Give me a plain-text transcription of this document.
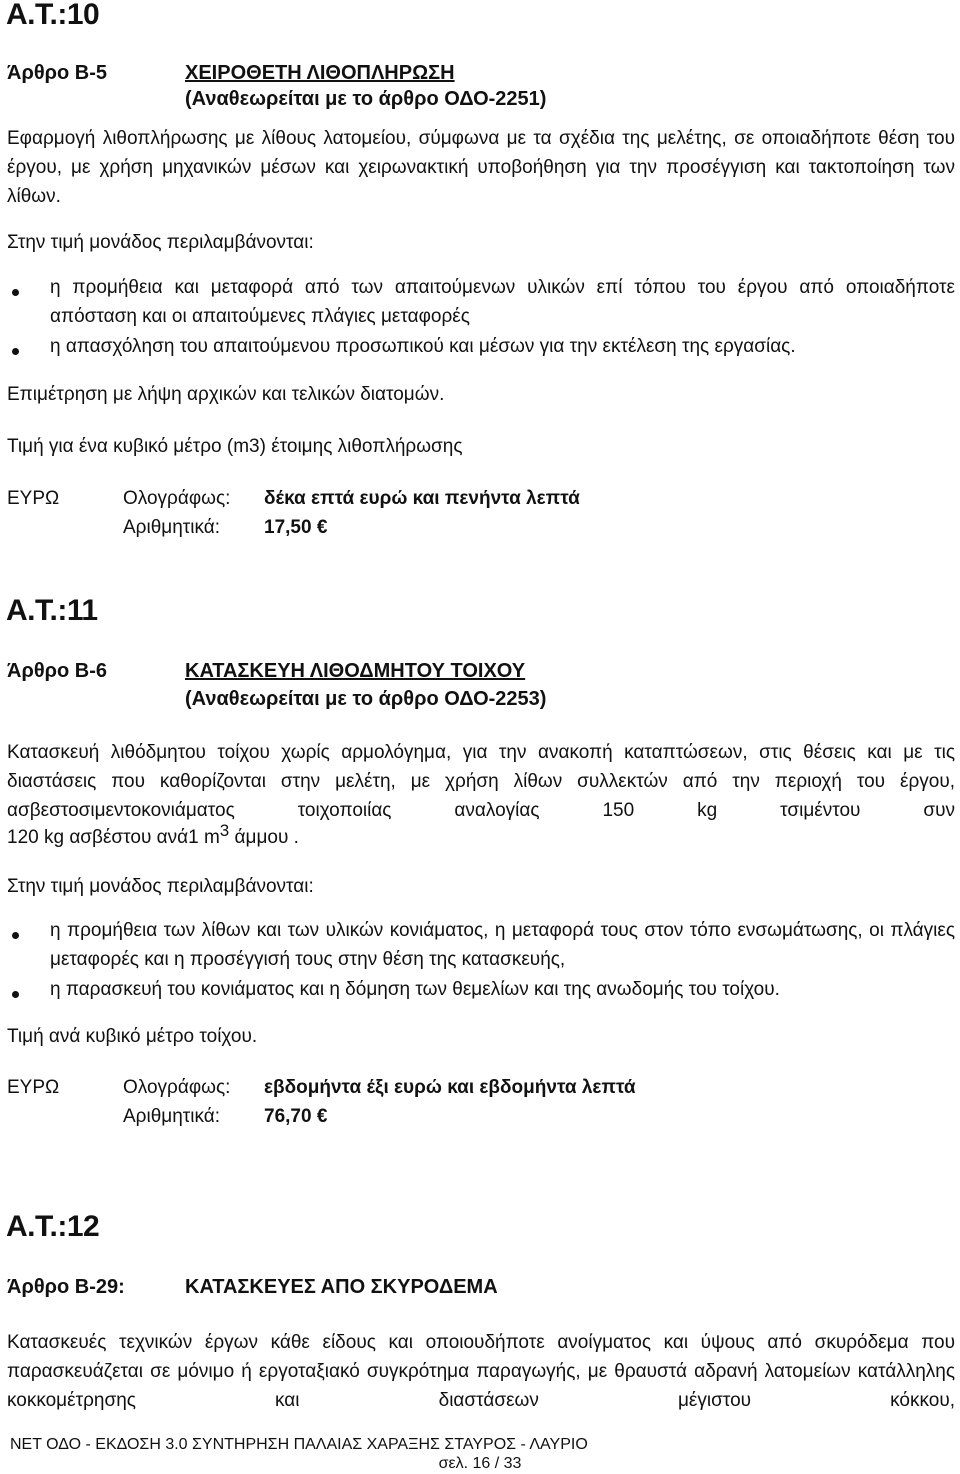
Α.Τ.:10
Άρθρο Β-5	ΧΕΙΡΟΘΕΤΗ ΛΙΘΟΠΛΗΡΩΣΗ
(Αναθεωρείται με το άρθρο ΟΔΟ-2251)
Εφαρμογή λιθοπλήρωσης με λίθους λατομείου, σύμφωνα με τα σχέδια της μελέτης, σε οποιαδήποτε θέση του έργου, με χρήση μηχανικών μέσων και χειρωνακτική υποβοήθηση για την προσέγγιση και τακτοποίηση των λίθων.
Στην τιμή μονάδος περιλαμβάνονται:
η προμήθεια και μεταφορά από των απαιτούμενων υλικών επί τόπου του έργου από οποιαδήποτε απόσταση και οι απαιτούμενες πλάγιες μεταφορές
η απασχόληση του απαιτούμενου προσωπικού και μέσων για την εκτέλεση της εργασίας.
Επιμέτρηση με λήψη αρχικών και τελικών διατομών.
Τιμή για ένα κυβικό μέτρο (m3) έτοιμης λιθοπλήρωσης
ΕΥΡΩ	Ολογράφως: δέκα επτά ευρώ και πενήντα λεπτά
Αριθμητικά: 17,50 €
Α.Τ.:11
Άρθρο Β-6	ΚΑΤΑΣΚΕΥΗ ΛΙΘΟΔΜΗΤΟΥ ΤΟΙΧΟΥ
(Αναθεωρείται με το άρθρο ΟΔΟ-2253)
Κατασκευή λιθόδμητου τοίχου χωρίς αρμολόγημα, για την ανακοπή καταπτώσεων, στις θέσεις και με τις διαστάσεις που καθορίζονται στην μελέτη, με χρήση λίθων συλλεκτών από την περιοχή του έργου, ασβεστοσιμεντοκονιάματος τοιχοποιίας αναλογίας 150 kg τσιμέντου συν
120 kg ασβέστου ανά1 $m^3$ άμμου .
Στην τιμή μονάδος περιλαμβάνονται:
η προμήθεια των λίθων και των υλικών κονιάματος, η μεταφορά τους στον τόπο ενσωμάτωσης, οι πλάγιες μεταφορές και η προσέγγισή τους στην θέση της κατασκευής,
η παρασκευή του κονιάματος και η δόμηση των θεμελίων και της ανωδομής του τοίχου.
Τιμή ανά κυβικό μέτρο τοίχου.
ΕΥΡΩ	Ολογράφως: εβδομήντα έξι ευρώ και εβδομήντα λεπτά
Αριθμητικά: 76,70 €
Α.Τ.:12
Άρθρο Β-29:	ΚΑΤΑΣΚΕΥΕΣ ΑΠΟ ΣΚΥΡΟΔΕΜΑ
Κατασκευές τεχνικών έργων κάθε είδους και οποιουδήποτε ανοίγματος και ύψους από σκυρόδεμα που παρασκευάζεται σε μόνιμο ή εργοταξιακό συγκρότημα παραγωγής, με θραυστά αδρανή λατομείων κατάλληλης κοκκομέτρησης και διαστάσεων μέγιστου κόκκου,
ΝΕΤ ΟΔΟ - ΕΚΔΟΣΗ 3.0 ΣΥΝΤΗΡΗΣΗ ΠΑΛΑΙΑΣ ΧΑΡΑΞΗΣ ΣΤΑΥΡΟΣ - ΛΑΥΡΙΟ
σελ. 16 / 33
